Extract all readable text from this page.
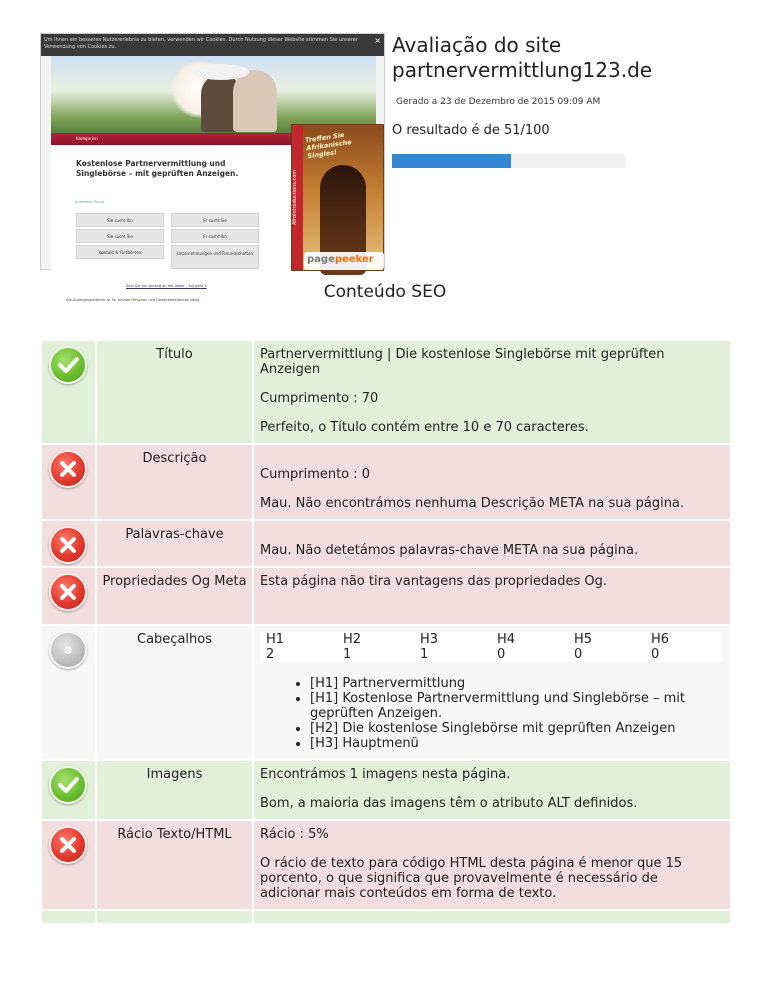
Um Ihnen ein besseres Nutzererlebnis zu bieten, verwenden wir Cookies. Durch Nutzung dieser Website stimmen Sie unserer Verwendung von Cookies zu.
×
Kategorien
Kostenlose Partnervermittlung und Singlebörse – mit geprüften Anzeigen.
Anmelden Suche
Sie sucht Ihn	Er sucht Sie
Sie sucht Sie	Er sucht Ihn
Kontakt & Flirtbörsen	Unternehmungen und Freundschaften
Sind Sie von Anfang an mit dabei – Auf geht´s
Die Anzeigenplattform ist für private Personen und Gewerbetreibende völlig
AfroIntroductions.com
Treffen Sie Afrikanische Singles!
pagepeeker
Avaliação do site partnervermittlung123.de
Gerado a 23 de Dezembro de 2015 09:09 AM
O resultado é de 51/100
Conteúdo SEO
	Título	Partnervermittlung | Die kostenlose Singlebörse mit geprüften Anzeigen

Cumprimento : 70

Perfeito, o Título contém entre 10 e 70 caracteres.

	Descrição	

Cumprimento : 0

Mau. Não encontrámos nenhuma Descrição META na sua página.

	Palavras-chave	

Mau. Não detetámos palavras-chave META na sua página.

	Propriedades Og Meta	Esta página não tira vantagens das propriedades Og.

	Cabeçalhos		H1	H2	H3	H4	H5	H6
2	1	1	0	0	0
• [H1] Partnervermittlung
• [H1] Kostenlose Partnervermittlung und Singlebörse – mit geprüften Anzeigen.
• [H2] Die kostenlose Singlebörse mit geprüften Anzeigen
• [H3] Hauptmenü

	Imagens	Encontrámos 1 imagens nesta página.

Bom, a maioria das imagens têm o atributo ALT definidos.

	Rácio Texto/HTML	Rácio : 5%

O rácio de texto para código HTML desta página é menor que 15 porcento, o que significa que provavelmente é necessário de adicionar mais conteúdos em forma de texto.
